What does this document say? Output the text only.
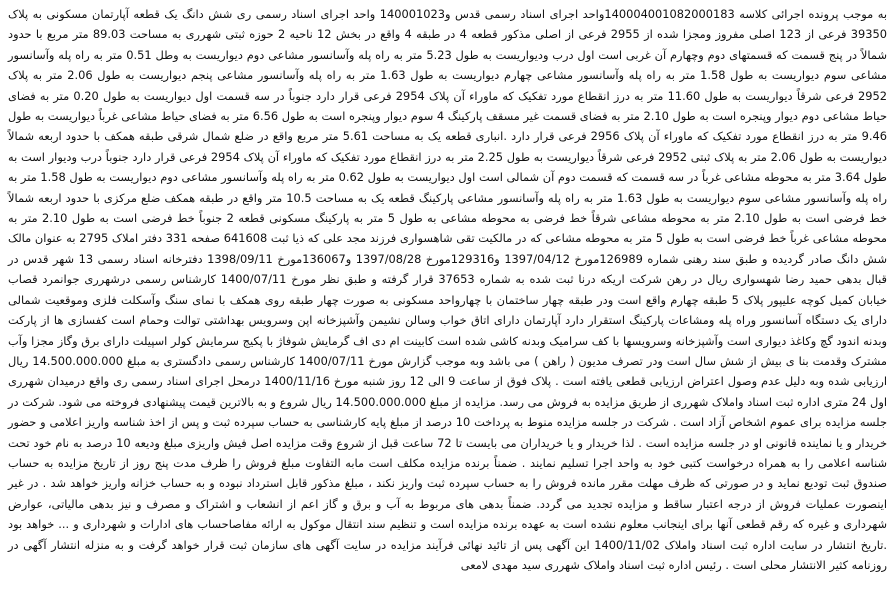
به موجب پرونده اجرائی کلاسه 140004001082000183واحد اجرای اسناد رسمی قدس و140001023 واحد اجرای اسناد رسمی ری شش دانگ یک قطعه آپارتمان مسکونی به پلاک 39350 فرعی از 123 اصلی مفروز ومجزا شده از 2955 فرعی از اصلی مذکور قطعه 4 در طبقه 4 واقع در بخش 12 ناحیه 2 حوزه ثبتی شهرری به مساحت 89.03 متر مربع با حدود شمالاً در پنج قسمت که قسمتهای دوم وچهارم آن غربی است اول درب وديواريست به طول 5.23 متر به راه پله وآسانسور مشاعی دوم ديواريست به وطل 0.51 متر به راه پله وآسانسور مشاعی سوم ديواريست به طول 1.58 متر به راه پله وآسانسور مشاعی چهارم ديواريست به طول 1.63 متر به راه پله وآسانسور مشاعی پنجم ديواريست به طول 2.06 متر به پلاک 2952 فرعی شرقاً ديواريست به طول 11.60 متر به درز انقطاع مورد تفکيک که ماوراء آن پلاک 2954 فرعی قرار دارد جنوباً در سه قسمت اول ديواريست به طول 0.20 متر به فضای حياط مشاعی دوم ديوار وپنجره است به طول 2.10 متر به فضای قسمت غير مسقف پارکينگ 4 سوم ديوار وپنجره است به طول 6.56 متر به فضای حياط مشاعی غرباً ديواريست به طول 9.46 متر به درز انقطاع مورد تفکيک که ماوراء آن پلاک 2956 فرعی قرار دارد .انباری قطعه يک به مساحت 5.61 متر مربع واقع در ضلع شمال شرقی طبقه همکف با حدود اربعه شمالاً ديواريست به طول 2.06 متر به پلاک ثبتی 2952 فرعی شرقاً ديواريست به طول 2.25 متر به درز انقطاع مورد تفکيک که ماوراء آن پلاک 2954 فرعی قرار دارد جنوباً درب وديوار است به طول 3.64 متر به محوطه مشاعی غرباً در سه قسمت که قسمت دوم آن شمالی است اول ديواريست به طول 0.62 متر به راه پله وآسانسور مشاعی دوم ديواريست به طول 1.58 متر به راه پله وآسانسور مشاعی سوم ديواريست به طول 1.63 متر به راه پله وآسانسور مشاعی پارکينگ قطعه يک به مساحت 10.5 متر واقع در طبقه همکف ضلع مرکزی با حدود اربعه شمالاً خط فرضی است به طول 2.10 متر به محوطه مشاعی شرقاً خط فرضی به محوطه مشاعی به طول 5 متر به پارکينگ مسکونی قطعه 2 جنوباً خط فرضی است به طول 2.10 متر به محوطه مشاعی غرباً خط فرضی است به طول 5 متر به محوطه مشاعی که در مالکيت تقی شاهسواری فرزند مجد علی که ذيا ثبت 641608 صفحه 331 دفتر املاک 2795 به عنوان مالک شش دانگ صادر گرديده و طبق سند رهنی شماره 126989مورخ 1397/04/12 و129316مورخ 1397/08/28 و136067مورخ 1398/09/11 دفترخانه اسناد رسمی 13 شهر قدس در قبال بدهی حميد رضا شهسواری ريال در رهن شرکت اريکه درنا ثبت شده به شماره 37653 قرار گرفته و طبق نظر مورخ 1400/07/11 کارشناس رسمی درشهرری جوانمرد قصاب خيابان کميل کوچه عليپور پلاک 5 طبقه چهارم واقع است ودر طبقه چهار ساختمان با چهارواحد مسکونی به صورت چهار طبقه روی همکف با نمای سنگ وآسکلت فلزی وموقعيت شمالی دارای يک دستگاه آسانسور وراه پله ومشاعات پارکينگ استقرار دارد آپارتمان دارای اتاق خواب وسالن نشيمن وآشپزخانه اپن وسرويس بهداشتی توالت وحمام است کفسازی ها از پارکت وبدنه اندود گچ وکاغذ ديواری است وآشپزخانه وسرويسها با کف سراميک وبدنه کاشی شده است کابينت ام دی اف گرمايش شوفاژ با پکيج سرمايش کولر اسپيلت دارای برق وگاز مجزا وآب مشترک وقدمت بنا ی بيش از شش سال است ودر تصرف مدیون ( راهن ) می باشد وبه موجب گزارش مورخ 1400/07/11 کارشناس رسمی دادگستری به مبلغ 14.500.000.000 ريال ارزيابی شده وبه دليل عدم وصول اعتراض ارزيابی قطعی يافته است . پلاک فوق از ساعت 9 الی 12 روز شنبه مورخ 1400/11/16 درمحل اجرای اسناد رسمی ری واقع درميدان شهرری اول 24 متری اداره ثبت اسناد واملاک شهرری از طريق مزايده به فروش می رسد. مزايده از مبلغ 14.500.000.000 ريال شروع و به بالاترين قيمت پيشنهادی فروخته می شود. شرکت در جلسه مزايده برای عموم اشخاص آزاد است . شرکت در جلسه مزايده منوط به پرداخت 10 درصد از مبلغ پايه کارشناسی به حساب سپرده ثبت و پس از اخذ شناسه واريز اعلامی و حضور خريدار و يا نماينده قانونی او در جلسه مزايده است . لذا خريدار و يا خريداران می بايست تا 72 ساعت قبل از شروع وقت مزايده اصل فيش واريزی مبلغ ودیعه 10 درصد به نام خود تحت شناسه اعلامی را به همراه درخواست کتبی خود به واحد اجرا تسليم نمايند . ضمناً برنده مزايده مکلف است مابه التفاوت مبلغ فروش را ظرف مدت پنج روز از تاريخ مزايده به حساب صندوق ثبت توديع نمايد و در صورتی که ظرف مهلت مقرر مانده فروش را به حساب سپرده ثبت واريز نکند ، مبلغ مذکور قابل استرداد نبوده و به حساب خزانه واريز خواهد شد . در غير اينصورت عمليات فروش از درجه اعتبار ساقط و مزايده تجديد می گردد. ضمناً بدهی های مربوط به آب و برق و گاز اعم از انشعاب و اشتراک و مصرف و نيز بدهی مالياتی، عوارض شهرداری و غيره که رقم قطعی آنها برای اينجانب معلوم نشده است به عهده برنده مزايده است و تنظيم سند انتقال موکول به ارائه مفاصاحساب های ادارات و شهرداری و ... خواهد بود .تاريخ انتشار در سايت اداره ثبت اسناد واملاک 1400/11/02 اين آگهی پس از تائيد نهائی فرآيند مزايده در سايت آگهی های سازمان ثبت قرار خواهد گرفت و به منزله انتشار آگهی در روزنامه کثير الانتشار محلی است . رئيس اداره ثبت اسناد واملاک شهرری سيد مهدی لامعی
